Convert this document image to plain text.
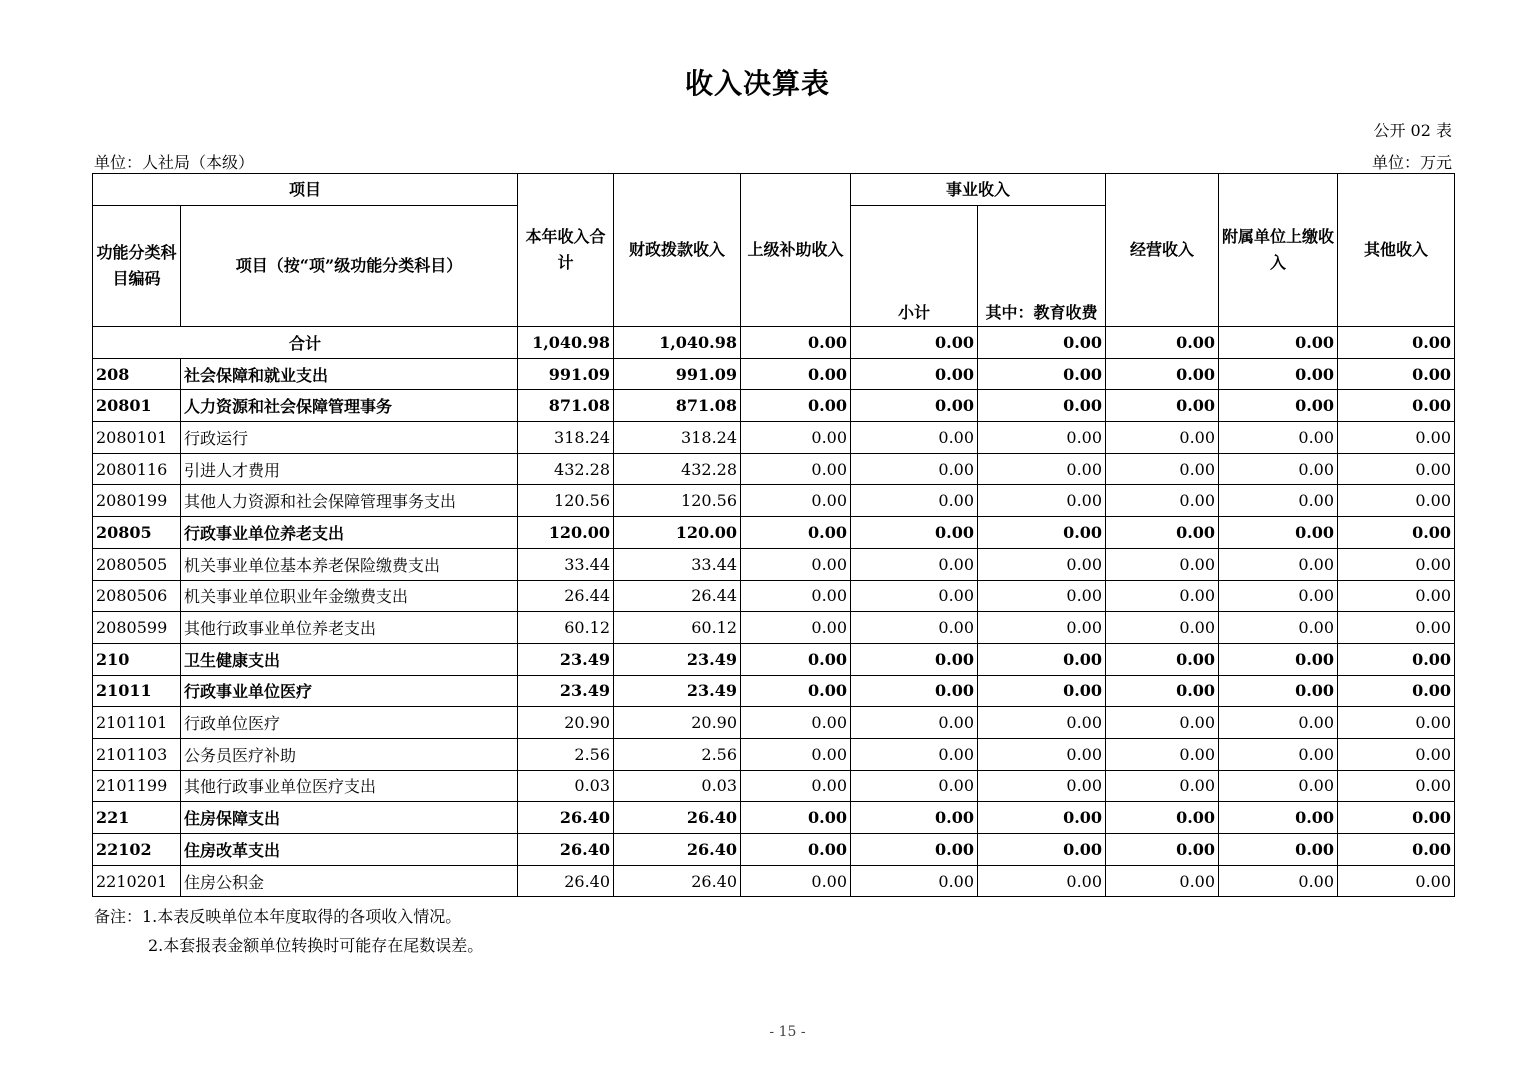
收入决算表
公开 02 表
单位：人社局（本级）	单位：万元
项目		本年收入合计	财政拨款收入	上级补助收入	事业收入		经营收入	附属单位上缴收入	其他收入
功能分类科目编码	项目（按“项”级功能分类科目）				小计	其中：教育收费			
合计		1,040.98	1,040.98	0.00	0.00	0.00	0.00	0.00	0.00
208	社会保障和就业支出	991.09	991.09	0.00	0.00	0.00	0.00	0.00	0.00
20801	人力资源和社会保障管理事务	871.08	871.08	0.00	0.00	0.00	0.00	0.00	0.00
2080101	行政运行	318.24	318.24	0.00	0.00	0.00	0.00	0.00	0.00
2080116	引进人才费用	432.28	432.28	0.00	0.00	0.00	0.00	0.00	0.00
2080199	其他人力资源和社会保障管理事务支出	120.56	120.56	0.00	0.00	0.00	0.00	0.00	0.00
20805	行政事业单位养老支出	120.00	120.00	0.00	0.00	0.00	0.00	0.00	0.00
2080505	机关事业单位基本养老保险缴费支出	33.44	33.44	0.00	0.00	0.00	0.00	0.00	0.00
2080506	机关事业单位职业年金缴费支出	26.44	26.44	0.00	0.00	0.00	0.00	0.00	0.00
2080599	其他行政事业单位养老支出	60.12	60.12	0.00	0.00	0.00	0.00	0.00	0.00
210	卫生健康支出	23.49	23.49	0.00	0.00	0.00	0.00	0.00	0.00
21011	行政事业单位医疗	23.49	23.49	0.00	0.00	0.00	0.00	0.00	0.00
2101101	行政单位医疗	20.90	20.90	0.00	0.00	0.00	0.00	0.00	0.00
2101103	公务员医疗补助	2.56	2.56	0.00	0.00	0.00	0.00	0.00	0.00
2101199	其他行政事业单位医疗支出	0.03	0.03	0.00	0.00	0.00	0.00	0.00	0.00
221	住房保障支出	26.40	26.40	0.00	0.00	0.00	0.00	0.00	0.00
22102	住房改革支出	26.40	26.40	0.00	0.00	0.00	0.00	0.00	0.00
2210201	住房公积金	26.40	26.40	0.00	0.00	0.00	0.00	0.00	0.00
备注：1.本表反映单位本年度取得的各项收入情况。
2.本套报表金额单位转换时可能存在尾数误差。
- 15 -
